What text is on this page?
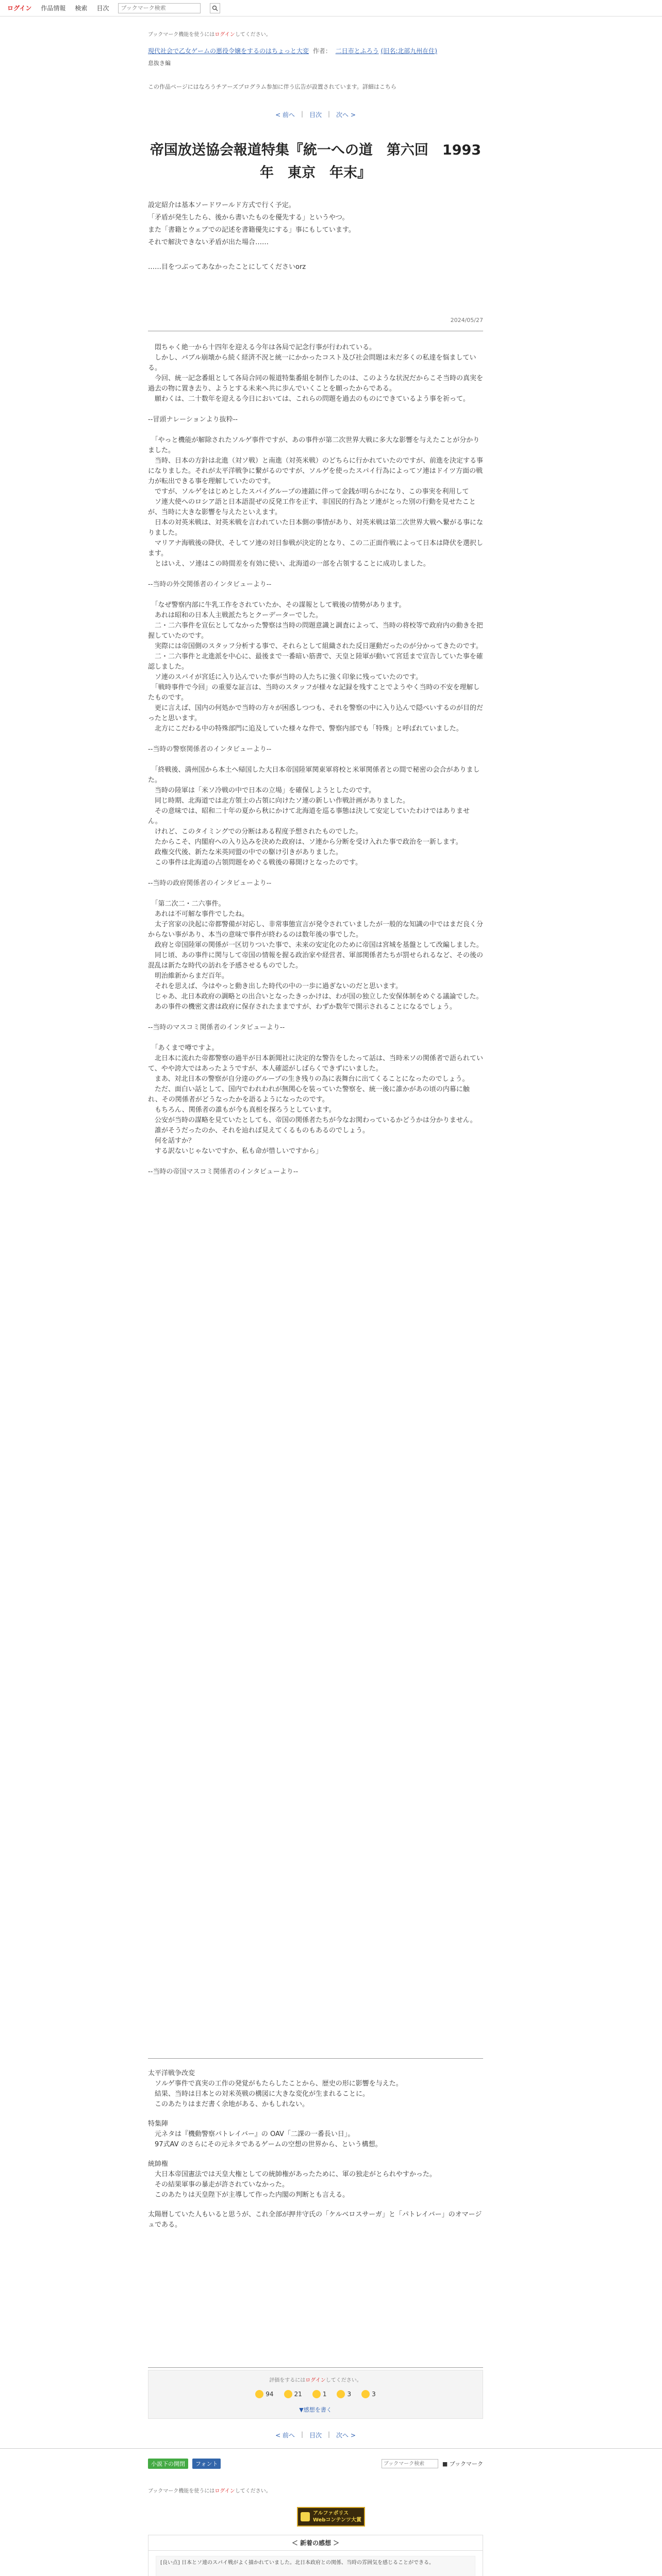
ログイン 作品情報 検索 目次
ブックマーク検索
ブックマーク機能を使うにはログインしてください。
現代社会で乙女ゲームの悪役令嬢をするのはちょっと大変 作者： 二日市とふろう (旧名:北部九州在住)
息抜き編
この作品ページにはなろうチアーズプログラム参加に伴う広告が設置されています。詳細はこちら
< 前へ | 目次 | 次へ >
帝国放送協会報道特集『統一への道　第六回　1993年　東京　年末』
設定紹介は基本ソードワールド方式で行く予定。
「矛盾が発生したら、後から書いたものを優先する」というやつ。
また「書籍とウェブでの記述を書籍優先にする」事にもしています。
それで解決できない矛盾が出た場合……
……目をつぶってあなかったことにしてくださいorz
2024/05/27

　悶ちゃく絶一から十四年を迎える今年は各局で記念行事が行われている。

　しかし、バブル崩壊から続く経済不況と統一にかかったコスト及び社会問題は未だ多くの私達を悩ましている。

　今回、統一記念番組として各局合同の報道特集番組を制作したのは、このような状況だからこそ当時の真実を過去の物に置き去り、ようとする未来へ共に歩んでいくことを願ったからである。

　願わくは、二十数年を迎える今日においては、これらの問題を過去のものにできているよう事を祈って。

--冒頭ナレーションより抜粋--

　「やっと機能が解除されたソルゲ事件ですが、あの事件が第二次世界大戦に多大な影響を与えたことが分かりました。

　当時、日本の方針は北進（対ソ戦）と南進（対英米戦）のどちらに行かれていたのですが、前進を決定する事になりました。それが太平洋戦争に繋がるのですが、ソルゲを使ったスパイ行為によってソ連はドイツ方面の戦力が転出できる事を理解していたのです。

　ですが、ソルゲをはじめとしたスパイグループの連鎖に伴って金銭が明らかになり、この事実を利用して

　ソ連大使へのロシア語と日本語混ぜの反発工作を正す、非国民的行為とソ連がとった別の行動を見せたことが、当時に大きな影響を与えたといえます。

　日本の対英米戦は、対英米戦を言われていた日本側の事情があり、対英米戦は第二次世界大戦へ繋がる事になりました。

　マリアナ海戦後の降伏、そしてソ連の対日参戦が決定的となり、この二正面作戦によって日本は降伏を選択します。

　とはいえ、ソ連はこの時間差を有効に使い、北海道の一部を占領することに成功しました。

--当時の外交関係者のインタビューより--

　「なぜ警察内部に牛乳工作をされていたか、その謀報として戦後の情勢があります。

　あれは昭和の日本人主戦派たちとクーデーターでした。

　二・二六事件を宣伝としてなかった警察は当時の問題意識と調査によって、当時の将校等で政府内の動きを把握していたのです。

　実際には帝国側のスタッフ分析する事で、それらとして組織された反日運動だったのが分かってきたのです。

　二・二六事件と北進派を中心に、最後まで一番暗い筋書で、天皇と陸軍が動いて宮廷まで宣告していた事を確認しました。

　ソ連のスパイが宮廷に入り込んでいた事が当時の人たちに強く印象に残っていたのです。

　「戦時事件で今回」の重要な証言は、当時のスタッフが様々な記録を残すことでようやく当時の不安を理解したものです。

　更に言えば、国内の何処かで当時の方々が困惑しつつも、それを警察の中に入り込んで隠ぺいするのが目的だったと思います。

　北方にこだわる中の特殊部門に追及していた様々な件で、警察内部でも「特殊」と呼ばれていました。

--当時の警察関係者のインタビューより--

　「終戦後、満州国から本土へ帰国した大日本帝国陸軍関東軍将校と米軍関係者との間で秘密の会合がありました。

　当時の陸軍は「米ソ冷戦の中で日本の立場」を確保しようとしたのです。

　同じ時期、北海道では北方領土の占領に向けたソ連の新しい作戦計画がありました。

　その意味では、昭和二十年の夏から秋にかけて北海道を巡る事態は決して安定していたわけではありません。

　けれど、このタイミングでの分断はある程度予想されたものでした。

　たからこそ、内閣府への入り込みを決めた政府は、ソ連から分断を受け入れた事で政治を一新します。

　政権交代後、新たな米英同盟の中での駆け引きがありました。

　この事件は北海道の占領問題をめぐる戦後の幕開けとなったのです。

--当時の政府関係者のインタビューより--

　「第二次二・二六事件。

　あれは不可解な事件でしたね。

　太子宮家の決起に帝都警備が対応し、非常事態宣言が発令されていましたが一般的な知識の中ではまだ良く分からない事があり、本当の意味で事件が終わるのは数年後の事でした。

　政府と帝国陸軍の関係が一区切りついた事で、未来の安定化のために帝国は宮城を基盤として改編しました。

　同じ頃、あの事件に関与して帝国の情報を握る政治家や経営者、軍部関係者たちが罰せられるなど、その後の混乱は新たな時代の訪れを予感させるものでした。

　明治維新からまだ百年。

　それを思えば、今はやっと動き出した時代の中の一歩に過ぎないのだと思います。

　じゃあ、北日本政府の調略との出合いとなったきっかけは、わが国の独立した安保体制をめぐる議論でした。

　あの事件の機密文書は政府に保存されたままですが、わずか数年で開示されることになるでしょう。

--当時のマスコミ関係者のインタビューより--

　「あくまで噂ですよ。

　北日本に流れた帝都警察の過半が日本新聞社に決定的な警告をしたって話は、当時米ソの関係者で語られていて、やや誇大ではあったようですが、本人確認がしばらくできずにいました。

　まあ、対北日本の警察が自分達のグループの生き残りの為に表舞台に出てくることになったのでしょう。

　ただ、面白い話として、国内でわれわれが無関心を装っていた警察を、統一後に誰かがあの頃の内幕に触れ、その関係者がどうなったかを語るようになったのです。

　もちろん、関係者の誰もが今も真相を探ろうとしています。

　公安が当時の謀略を見ていたとしても、帝国の関係者たちが今なお関わっているかどうかは分かりません。

　誰がそうだったのか、それを辿れば見えてくるものもあるのでしょう。

　何を話すか？

　する訳ないじゃないですか、私も命が惜しいですから」

--当時の帝国マスコミ関係者のインタビューより--

太平洋戦争改変
　ソルゲ事件で真実の工作の発覚がもたらしたことから、歴史の形に影響を与えた。
　結果、当時は日本との対米英戦の構図に大きな変化が生まれることに。
　このあたりはまだ書く余地がある、かもしれない。
特集陣
　元ネタは『機動警察パトレイバー』の OAV「二課の一番長い日」。
　97式AV のさらにその元ネタであるゲームの空想の世界から、という構想。
統帥権
　大日本帝国憲法では天皇大権としての統帥権があったために、軍の独走がとられやすかった。
　その結果軍事の暴走が許されていなかった。
　このあたりは天皇陛下が主導して作った内閣の判断とも言える。
太陽暦していた人もいると思うが、これ全部が押井守氏の「ケルベロスサーガ」と「パトレイバー」のオマージュである。
評価をするにはログインしてください。
94	21	1	3	3
▼感想を書く
< 前へ | 目次 | 次へ >
小説下の開閉	フォント
ブックマーク検索	■ ブックマーク
ブックマーク機能を使うにはログインしてください。
アルファポリス
Webコンテンツ大賞
＜ 新着の感想 ＞
[良い点] 日本とソ連のスパイ戦がよく描かれていました。北日本政府との関係、当時の雰囲気を感じることができる。
